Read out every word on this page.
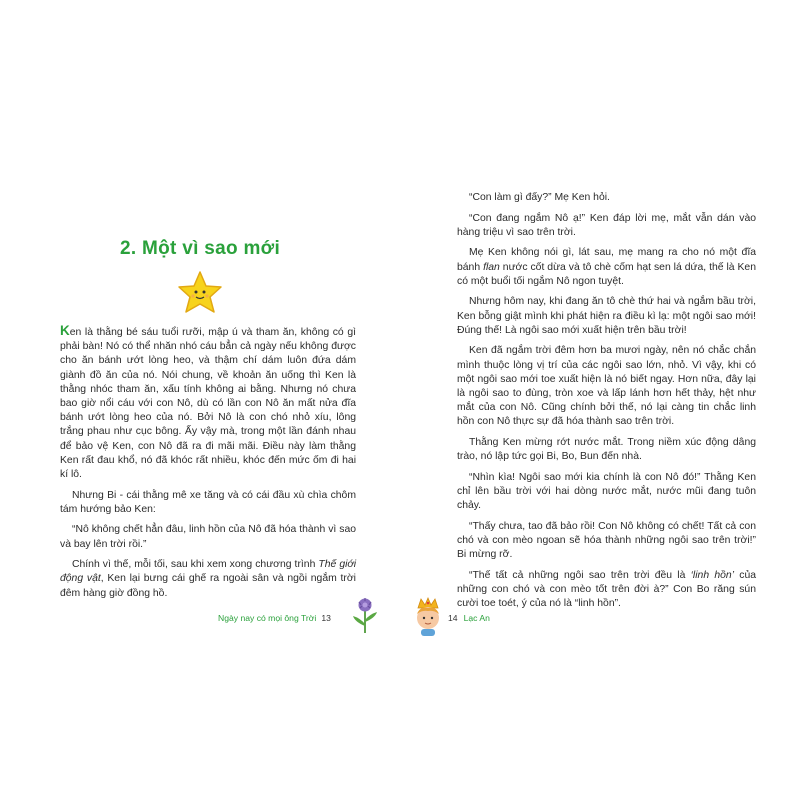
2. Một vì sao mới

Ken là thằng bé sáu tuổi rưỡi, mập ú và tham ăn, không có gì phải bàn! Nó có thể nhăn nhó cáu bẳn cả ngày nếu không được cho ăn bánh ướt lòng heo, và thậm chí dám luôn đứa dám giành đồ ăn của nó. Nói chung, về khoản ăn uống thì Ken là thằng nhóc tham ăn, xấu tính không ai bằng. Nhưng nó chưa bao giờ nổi cáu với con Nô, dù có lần con Nô ăn mất nửa đĩa bánh ướt lòng heo của nó. Bởi Nô là con chó nhỏ xíu, lông trắng phau như cục bông. Ấy vậy mà, trong một lần đánh nhau để bảo vệ Ken, con Nô đã ra đi mãi mãi. Điều này làm thằng Ken rất đau khổ, nó đã khóc rất nhiều, khóc đến mức ốm đi hai kí lô.

Nhưng Bi - cái thằng mê xe tăng và có cái đầu xù chìa chôm tám hướng bảo Ken:

“Nô không chết hẳn đâu, linh hồn của Nô đã hóa thành vì sao và bay lên trời rồi.”

Chính vì thế, mỗi tối, sau khi xem xong chương trình Thế giới động vật, Ken lại bưng cái ghế ra ngoài sân và ngồi ngắm trời đêm hàng giờ đồng hồ.

Ngày nay có mọi ông Trời 13

“Con làm gì đấy?” Mẹ Ken hỏi.

“Con đang ngắm Nô ạ!” Ken đáp lời mẹ, mắt vẫn dán vào hàng triệu vì sao trên trời.

Mẹ Ken không nói gì, lát sau, mẹ mang ra cho nó một đĩa bánh flan nước cốt dừa và tô chè cốm hạt sen lá dứa, thế là Ken có một buổi tối ngắm Nô ngon tuyệt.

Nhưng hôm nay, khi đang ăn tô chè thứ hai và ngắm bầu trời, Ken bỗng giật mình khi phát hiện ra điều kì lạ: một ngôi sao mới! Đúng thế! Là ngôi sao mới xuất hiện trên bầu trời!

Ken đã ngắm trời đêm hơn ba mươi ngày, nên nó chắc chắn mình thuộc lòng vị trí của các ngôi sao lớn, nhỏ. Vì vậy, khi có một ngôi sao mới toe xuất hiện là nó biết ngay. Hơn nữa, đây lại là ngôi sao to đùng, tròn xoe và lấp lánh hơn hết thảy, hệt như mắt của con Nô. Cũng chính bởi thế, nó lại càng tin chắc linh hồn con Nô thực sự đã hóa thành sao trên trời.

Thằng Ken mừng rớt nước mắt. Trong niềm xúc động dâng trào, nó lập tức gọi Bi, Bo, Bun đến nhà.

“Nhìn kìa! Ngôi sao mới kia chính là con Nô đó!” Thằng Ken chỉ lên bầu trời với hai dòng nước mắt, nước mũi đang tuôn chảy.

“Thấy chưa, tao đã bảo rồi! Con Nô không có chết! Tất cả con chó và con mèo ngoan sẽ hóa thành những ngôi sao trên trời!” Bi mừng rỡ.

“Thế tất cả những ngôi sao trên trời đều là ‘linh hồn’ của những con chó và con mèo tốt trên đời à?” Con Bo răng sún cười toe toét, ý của nó là “linh hồn”.

14 Lạc An
